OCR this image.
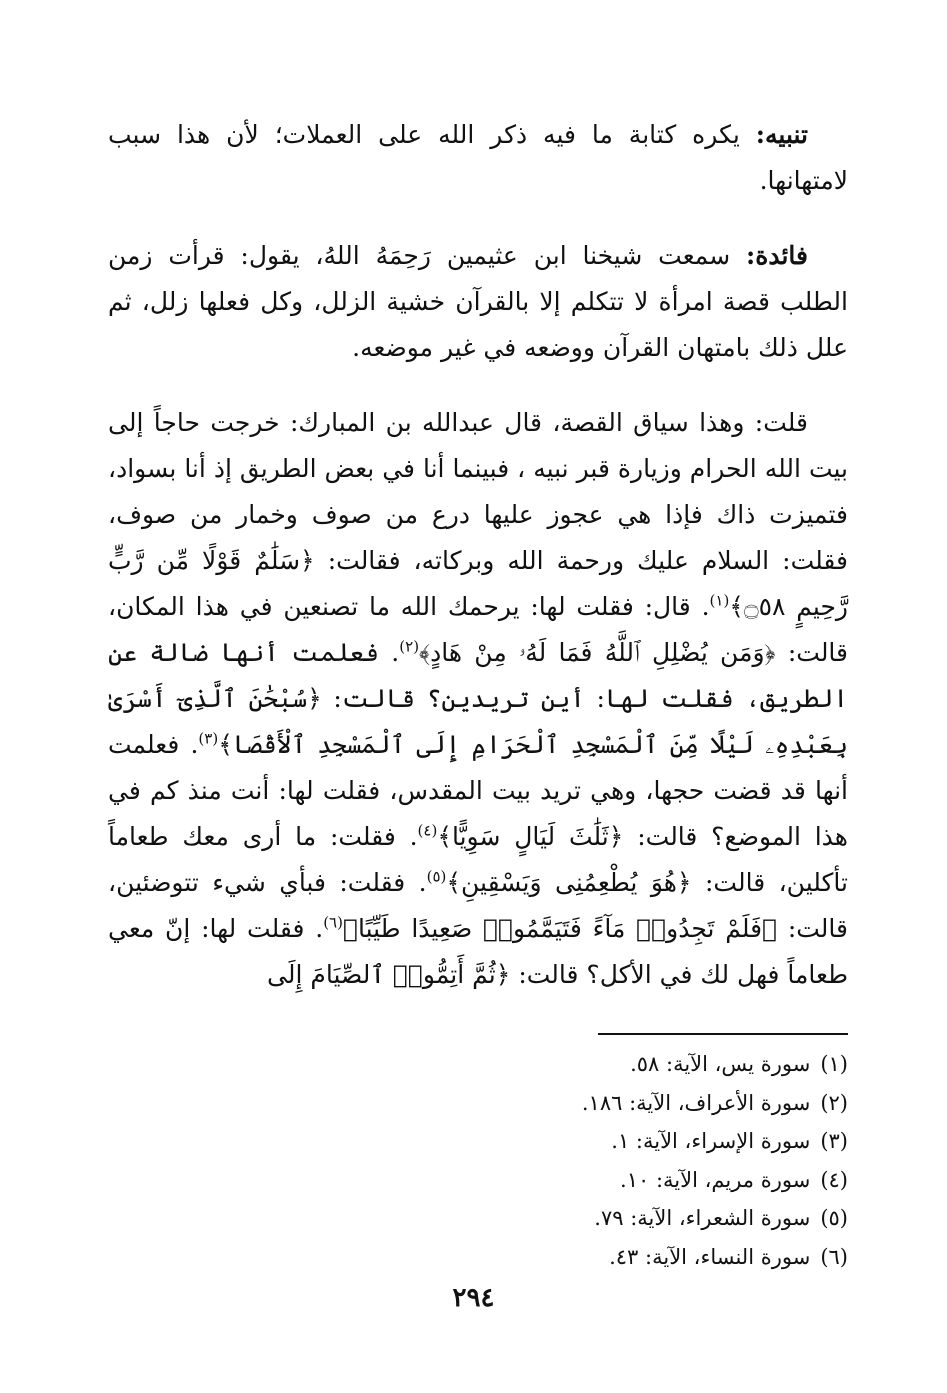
تنبيه: يكره كتابة ما فيه ذكر الله على العملات؛ لأن هذا سبب لامتهانها.

فائدة: سمعت شيخنا ابن عثيمين رَحِمَهُ اللهُ، يقول: قرأت زمن الطلب قصة امرأة لا تتكلم إلا بالقرآن خشية الزلل، وكل فعلها زلل، ثم علل ذلك بامتهان القرآن ووضعه في غير موضعه.

قلت: وهذا سياق القصة، قال عبدالله بن المبارك: خرجت حاجاً إلى بيت الله الحرام وزيارة قبر نبيه ، فبينما أنا في بعض الطريق إذ أنا بسواد، فتميزت ذاك فإذا هي عجوز عليها درع من صوف وخمار من صوف، فقلت: السلام عليك ورحمة الله وبركاته، فقالت: ﴿سَلَٰمٌ قَوْلًا مِّن رَّبٍّ رَّحِيمٍ ۝٥٨﴾$^{(١)}$. قال: فقلت لها: يرحمك الله ما تصنعين في هذا المكان، قالت: ﴿وَمَن يُضْلِلِ ٱللَّهُ فَمَا لَهُۥ مِنْ هَادٍ﴾$^{(٢)}$. فعلمت أنها ضالة عن الطريق، فقلت لها: أين تريدين؟ قالت: ﴿سُبْحَٰنَ ٱلَّذِىٓ أَسْرَىٰ بِعَبْدِهِۦ لَيْلًا مِّنَ ٱلْمَسْجِدِ ٱلْحَرَامِ إِلَى ٱلْمَسْجِدِ ٱلْأَقْصَا﴾$^{(٣)}$. فعلمت أنها قد قضت حجها، وهي تريد بيت المقدس، فقلت لها: أنت منذ كم في هذا الموضع؟ قالت: ﴿ثَلَٰثَ لَيَالٍ سَوِيًّا﴾$^{(٤)}$. فقلت: ما أرى معك طعاماً تأكلين، قالت: ﴿هُوَ يُطْعِمُنِى وَيَسْقِينِ﴾$^{(٥)}$. فقلت: فبأي شيء تتوضئين، قالت: ﴿فَلَمْ تَجِدُوا۟ مَآءً فَتَيَمَّمُوا۟ صَعِيدًا طَيِّبًا﴾$^{(٦)}$. فقلت لها: إنّ معي طعاماً فهل لك في الأكل؟ قالت: ﴿ثُمَّ أَتِمُّوا۟ ٱلصِّيَامَ إِلَى

(١)سورة يس، الآية: ٥٨.
(٢)سورة الأعراف، الآية: ١٨٦.
(٣)سورة الإسراء، الآية: ١.
(٤)سورة مريم، الآية: ١٠.
(٥)سورة الشعراء، الآية: ٧٩.
(٦)سورة النساء، الآية: ٤٣.
٢٩٤
